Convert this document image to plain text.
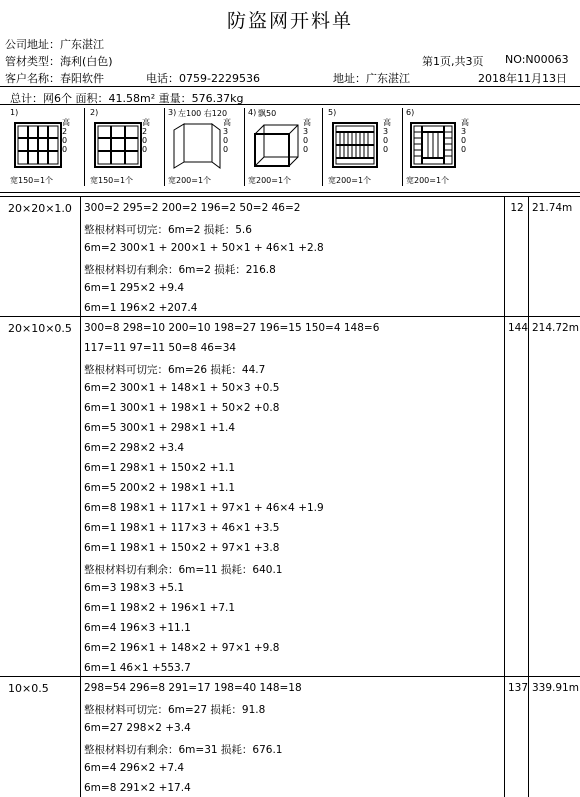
防盗网开料单
公司地址：广东湛江
管材类型：海利(白色)	第1页,共3页 NO:N00063
客户名称：春阳软件	电话：0759-2229536	地址：广东湛江	2018年11月13日
总计：网6个 面积：41.58m² 重量：576.37kg
1)
高200
宽150=1个
2)
高200
宽150=1个
3) 左100 右120
高300
宽200=1个
4) 飘50
高300
宽200=1个
5)
高300
宽200=1个
6)
高300
宽200=1个
20×20×1.0	12 21.74m
300=2 295=2 200=2 196=2 50=2 46=2
整根材料可切完：6m=2 损耗：5.6
6m=2 300×1 + 200×1 + 50×1 + 46×1 +2.8
整根材料切有剩余：6m=2 损耗：216.8
6m=1 295×2 +9.4
6m=1 196×2 +207.4
20×10×0.5	144 214.72m
300=8 298=10 200=10 198=27 196=15 150=4 148=6
117=11 97=11 50=8 46=34
整根材料可切完：6m=26 损耗：44.7
6m=2 300×1 + 148×1 + 50×3 +0.5
6m=1 300×1 + 198×1 + 50×2 +0.8
6m=5 300×1 + 298×1 +1.4
6m=2 298×2 +3.4
6m=1 298×1 + 150×2 +1.1
6m=5 200×2 + 198×1 +1.1
6m=8 198×1 + 117×1 + 97×1 + 46×4 +1.9
6m=1 198×1 + 117×3 + 46×1 +3.5
6m=1 198×1 + 150×2 + 97×1 +3.8
整根材料切有剩余：6m=11 损耗：640.1
6m=3 198×3 +5.1
6m=1 198×2 + 196×1 +7.1
6m=4 196×3 +11.1
6m=2 196×1 + 148×2 + 97×1 +9.8
6m=1 46×1 +553.7
10×0.5	137 339.91m
298=54 296=8 291=17 198=40 148=18
整根材料可切完：6m=27 损耗：91.8
6m=27 298×2 +3.4
整根材料切有剩余：6m=31 损耗：676.1
6m=4 296×2 +7.4
6m=8 291×2 +17.4
